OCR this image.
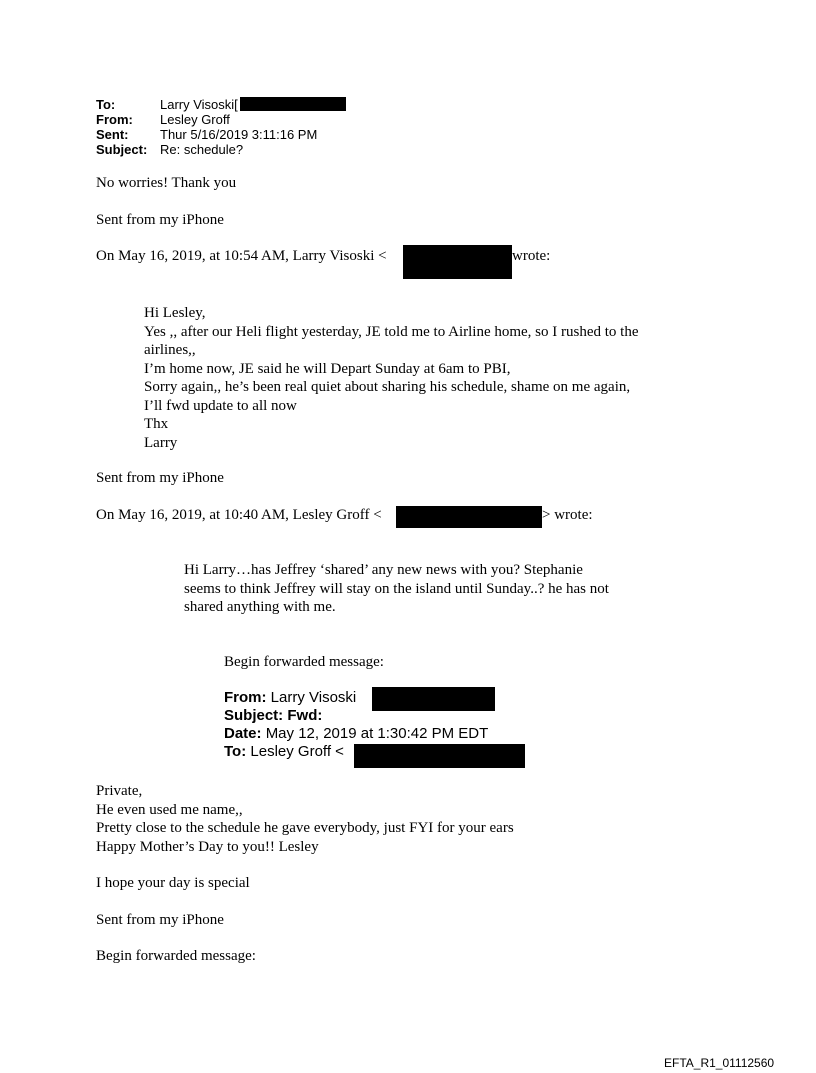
To:	Larry Visoski[
From: Lesley Groff
Sent: Thur 5/16/2019 3:11:16 PM
Subject: Re: schedule?
No worries! Thank you
Sent from my iPhone
On May 16, 2019, at 10:54 AM, Larry Visoski <	wrote:
Hi Lesley,
Yes ,, after our Heli flight yesterday, JE told me to Airline home, so I rushed to the
airlines,,
I’m home now, JE said he will Depart Sunday at 6am to PBI,
Sorry again,, he’s been real quiet about sharing his schedule, shame on me again,
I’ll fwd update to all now
Thx
Larry
Sent from my iPhone
On May 16, 2019, at 10:40 AM, Lesley Groff <	> wrote:
Hi Larry…has Jeffrey ‘shared’ any new news with you? Stephanie
seems to think Jeffrey will stay on the island until Sunday..? he has not
shared anything with me.
Begin forwarded message:
From: Larry Visoski
Subject: Fwd:
Date: May 12, 2019 at 1:30:42 PM EDT
To: Lesley Groff <
Private,
He even used me name,,
Pretty close to the schedule he gave everybody, just FYI for your ears
Happy Mother’s Day to you!! Lesley
I hope your day is special
Sent from my iPhone
Begin forwarded message:
EFTA_R1_01112560
